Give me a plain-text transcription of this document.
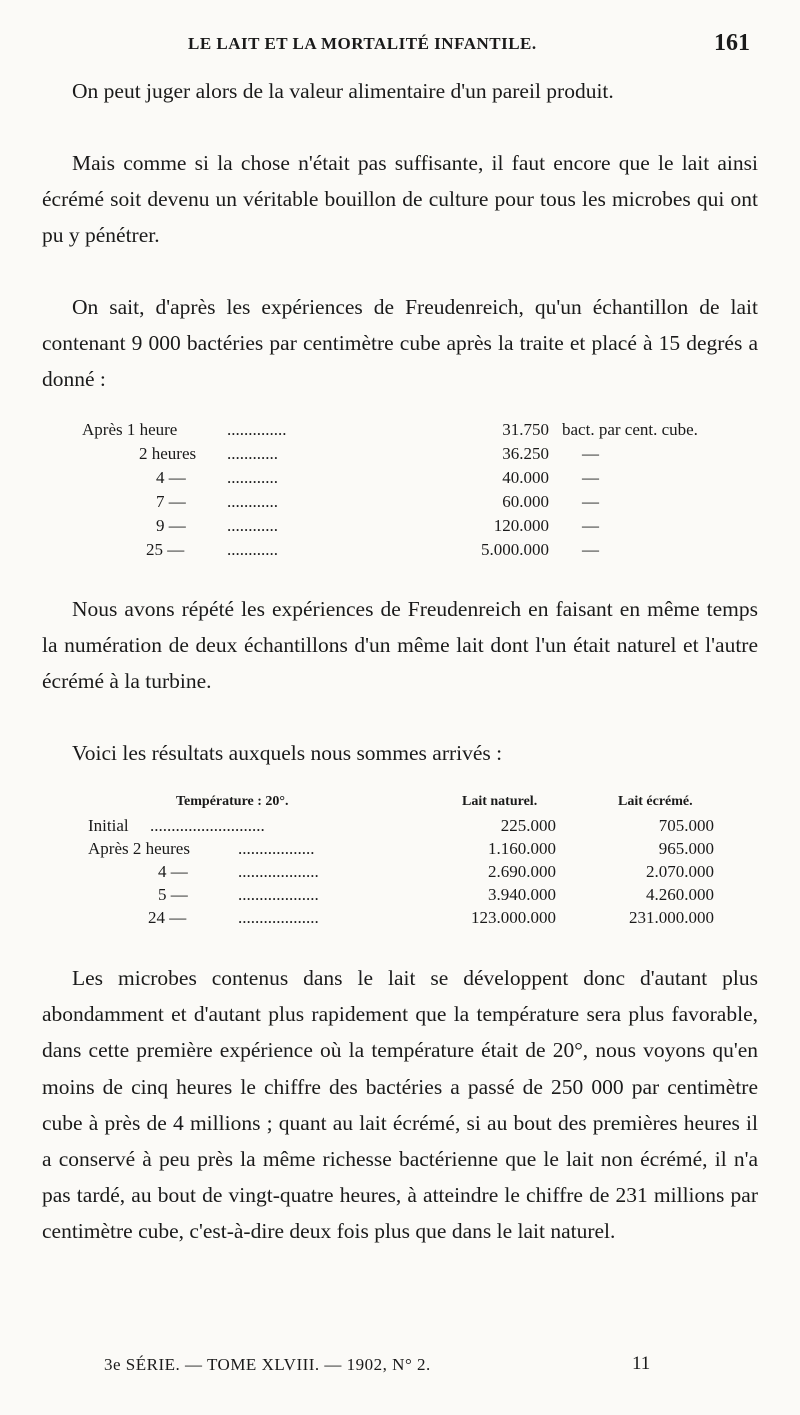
LE LAIT ET LA MORTALITÉ INFANTILE.	161

On peut juger alors de la valeur alimentaire d'un pareil produit.

Mais comme si la chose n'était pas suffisante, il faut encore que le lait ainsi écrémé soit devenu un véritable bouillon de culture pour tous les microbes qui ont pu y pénétrer.

On sait, d'après les expériences de Freudenreich, qu'un échantillon de lait contenant 9 000 bactéries par centimètre cube après la traite et placé à 15 degrés a donné :

Après 1 heure	..............	31.750 bact. par cent. cube.
2 heures ............	36.250 —
4 — ............	40.000 —
7 — ............	60.000 —
9 — ............	120.000 —
25 —	............	5.000.000 —

Nous avons répété les expériences de Freudenreich en faisant en même temps la numération de deux échantillons d'un même lait dont l'un était naturel et l'autre écrémé à la turbine.

Voici les résultats auxquels nous sommes arrivés :

Température : 20°.	Lait naturel.	Lait écrémé.
Initial ...........................	225.000	705.000
Après 2 heures	..................	1.160.000	965.000
4 —	...................	2.690.000	2.070.000
5 —	...................	3.940.000	4.260.000
24 —	...................	123.000.000	231.000.000

Les microbes contenus dans le lait se développent donc d'autant plus abondamment et d'autant plus rapidement que la température sera plus favorable, dans cette première expérience où la température était de 20°, nous voyons qu'en moins de cinq heures le chiffre des bactéries a passé de 250 000 par centimètre cube à près de 4 millions ; quant au lait écrémé, si au bout des premières heures il a conservé à peu près la même richesse bactérienne que le lait non écrémé, il n'a pas tardé, au bout de vingt-quatre heures, à atteindre le chiffre de 231 millions par centimètre cube, c'est-à-dire deux fois plus que dans le lait naturel.

3e SÉRIE. — TOME XLVIII. — 1902, N° 2.	11
